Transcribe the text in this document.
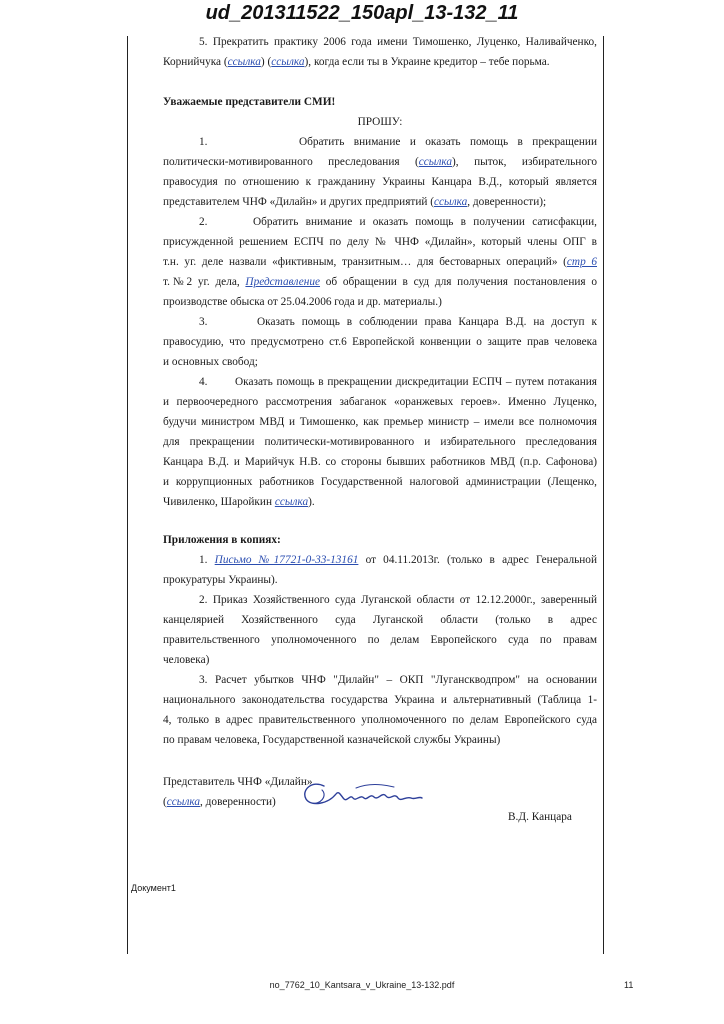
ud_201311522_150apl_13-132_11
5. Прекратить практику 2006 года имени Тимошенко, Луценко, Наливайченко,
Корнийчука (ссылка) (ссылка), когда если ты в Украине кредитор – тебе порьма.
Уважаемые представители СМИ!
ПРОШУ:
1.	Обратить внимание и оказать помощь в прекращении
политически-мотивированного преследования (ссылка), пыток, избирательного
правосудия по отношению к гражданину Украины Канцара В.Д., который является
представителем ЧНФ «Дилайн» и других предприятий (ссылка, доверенности);
2.	Обратить внимание и оказать помощь в получении сатисфакции,
присужденной решением ЕСПЧ по делу № ЧНФ «Дилайн», который члены ОПГ в
т.н. уг. деле назвали «фиктивным, транзитным… для бестоварных операций» (стр 6
т.№2 уг. дела, Представление об обращении в суд для получения постановления о
производстве обыска от 25.04.2006 года и др. материалы.)
3.	Оказать помощь в соблюдении права Канцара В.Д. на доступ к
правосудию, что предусмотрено ст.6 Европейской конвенции о защите прав человека
и основных свобод;
4. Оказать помощь в прекращении дискредитации ЕСПЧ – путем потакания
и первоочередного рассмотрения забаганок «оранжевых героев». Именно Луценко,
будучи министром МВД и Тимошенко, как премьер министр – имели все полномочия
для прекращении политически-мотивированного и избирательного преследования
Канцара В.Д. и Марийчук Н.В. со стороны бывших работников МВД (п.р. Сафонова)
и коррупционных работников Государственной налоговой администрации (Лещенко,
Чивиленко, Шаройкин ссылка).
Приложения в копиях:
1. Письмо №17721-0-33-13161 от 04.11.2013г. (только в адрес Генеральной
прокуратуры Украины).
2. Приказ Хозяйственного суда Луганской области от 12.12.2000г., заверенный
канцелярией Хозяйственного суда Луганской области (только в адрес
правительственного уполномоченного по делам Европейского суда по правам
человека)
3. Расчет убытков ЧНФ "Дилайн" – ОКП "Луганскводпром" на основании
национального законодательства государства Украина и альтернативный (Таблица 1-
4, только в адрес правительственного уполномоченного по делам Европейского суда
по правам человека, Государственной казначейской службы Украины)
Представитель ЧНФ «Дилайн»
(ссылка, доверенности)
В.Д. Канцара
Документ1
no_7762_10_Kantsara_v_Ukraine_13-132.pdf	11
